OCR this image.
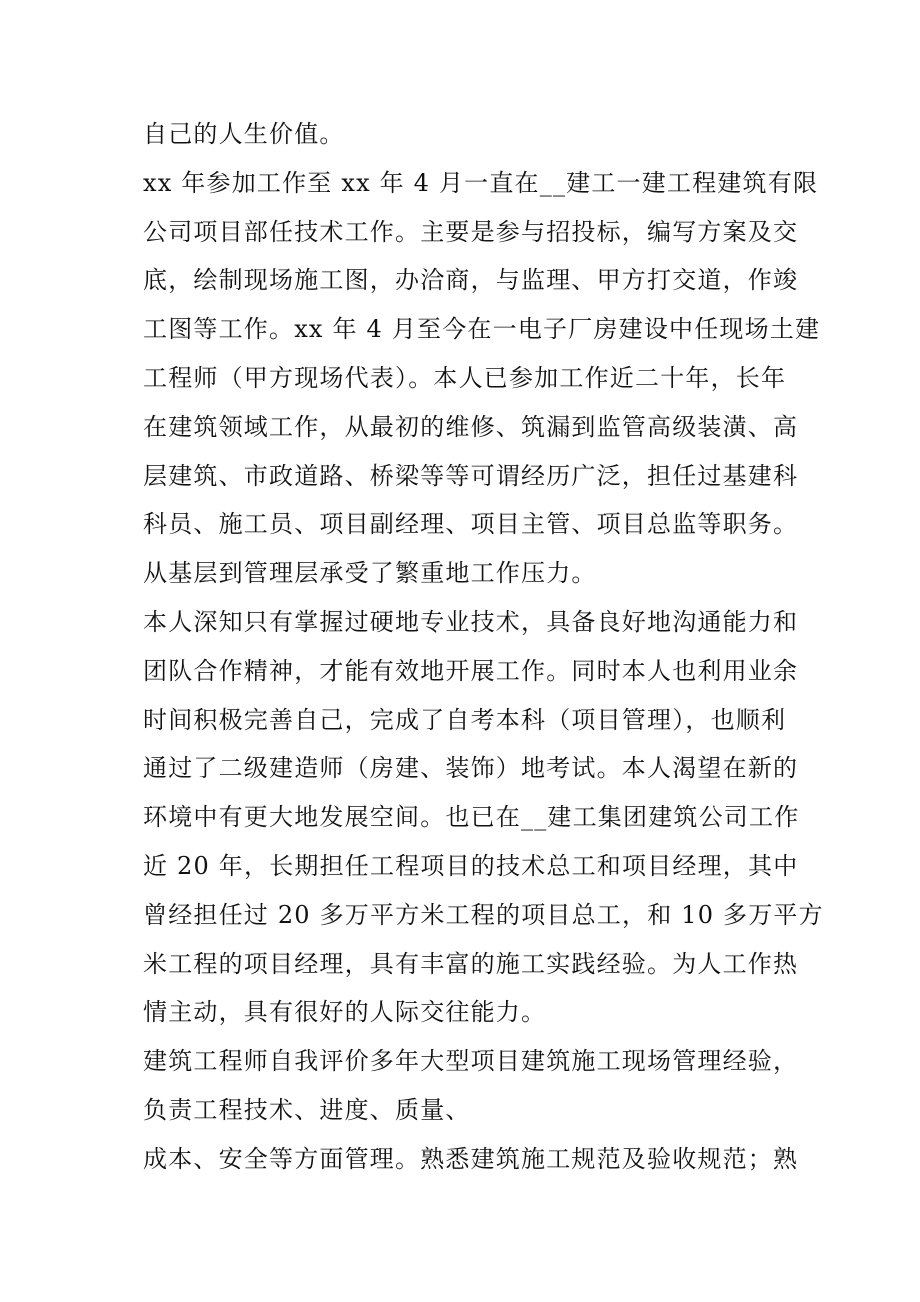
自己的人生价值。
xx 年参加工作至 xx 年 4 月一直在__建工一建工程建筑有限
公司项目部任技术工作。主要是参与招投标，编写方案及交
底，绘制现场施工图，办洽商，与监理、甲方打交道，作竣
工图等工作。xx 年 4 月至今在一电子厂房建设中任现场土建
工程师（甲方现场代表）。本人已参加工作近二十年，长年
在建筑领域工作，从最初的维修、筑漏到监管高级装潢、高
层建筑、市政道路、桥梁等等可谓经历广泛，担任过基建科
科员、施工员、项目副经理、项目主管、项目总监等职务。
从基层到管理层承受了繁重地工作压力。
本人深知只有掌握过硬地专业技术，具备良好地沟通能力和
团队合作精神，才能有效地开展工作。同时本人也利用业余
时间积极完善自己，完成了自考本科（项目管理），也顺利
通过了二级建造师（房建、装饰）地考试。本人渴望在新的
环境中有更大地发展空间。也已在__建工集团建筑公司工作
近 20 年，长期担任工程项目的技术总工和项目经理，其中
曾经担任过 20 多万平方米工程的项目总工，和 10 多万平方
米工程的项目经理，具有丰富的施工实践经验。为人工作热
情主动，具有很好的人际交往能力。
建筑工程师自我评价多年大型项目建筑施工现场管理经验，
负责工程技术、进度、质量、
成本、安全等方面管理。熟悉建筑施工规范及验收规范；熟
